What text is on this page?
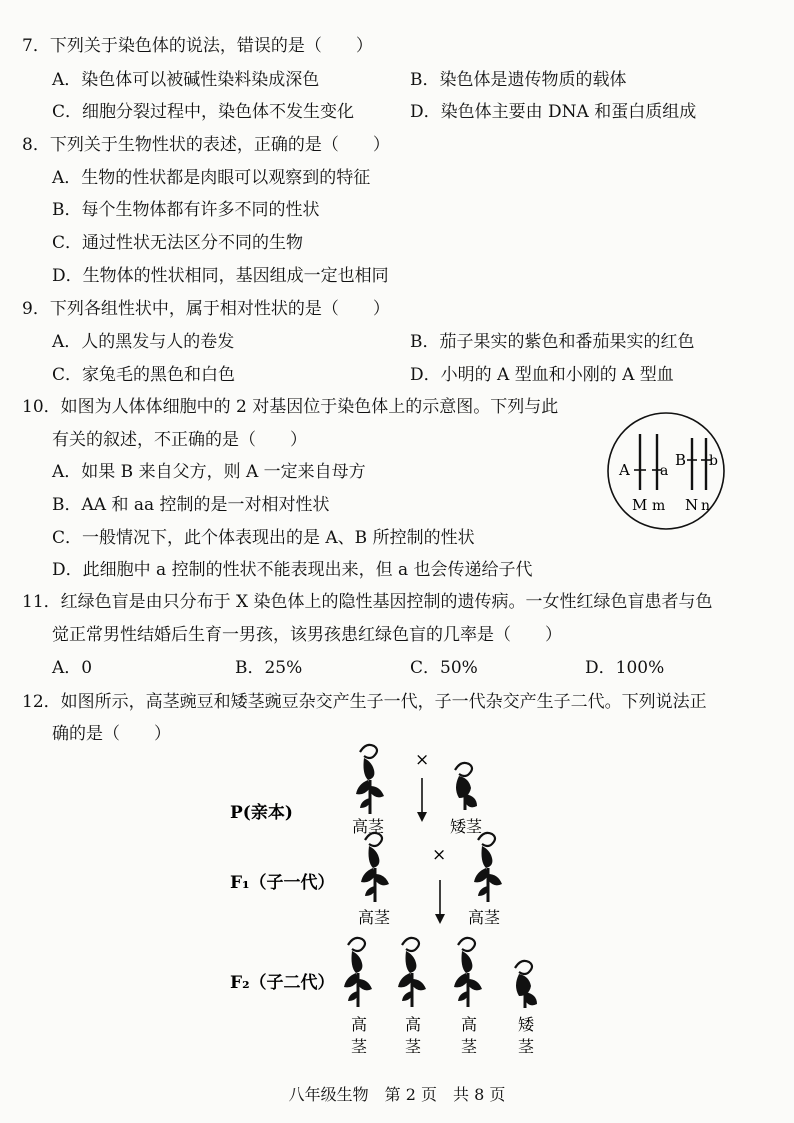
7．下列关于染色体的说法，错误的是（　　）
A．染色体可以被碱性染料染成深色	B．染色体是遗传物质的载体
C．细胞分裂过程中，染色体不发生变化	D．染色体主要由 DNA 和蛋白质组成
8．下列关于生物性状的表述，正确的是（　　）
A．生物的性状都是肉眼可以观察到的特征
B．每个生物体都有许多不同的性状
C．通过性状无法区分不同的生物
D．生物体的性状相同，基因组成一定也相同
9．下列各组性状中，属于相对性状的是（　　）
A．人的黑发与人的卷发	B．茄子果实的紫色和番茄果实的红色
C．家兔毛的黑色和白色	D．小明的 A 型血和小刚的 A 型血
10．如图为人体体细胞中的 2 对基因位于染色体上的示意图。下列与此
有关的叙述，不正确的是（　　）
A．如果 B 来自父方，则 A 一定来自母方
B．AA 和 aa 控制的是一对相对性状
C．一般情况下，此个体表现出的是 A、B 所控制的性状
D．此细胞中 a 控制的性状不能表现出来，但 a 也会传递给子代
A a
B b
M m N n
11．红绿色盲是由只分布于 X 染色体上的隐性基因控制的遗传病。一女性红绿色盲患者与色
觉正常男性结婚后生育一男孩，该男孩患红绿色盲的几率是（　　）
A．0	B．25%	C．50%	D．100%
12．如图所示，高茎豌豆和矮茎豌豆杂交产生子一代，子一代杂交产生子二代。下列说法正
确的是（　　）
P(亲本)
×
高茎	矮茎
F₁（子一代）
×
高茎	高茎
F₂（子二代）
高
茎
高
茎
高
茎
矮
茎
八年级生物　第 2 页　共 8 页
